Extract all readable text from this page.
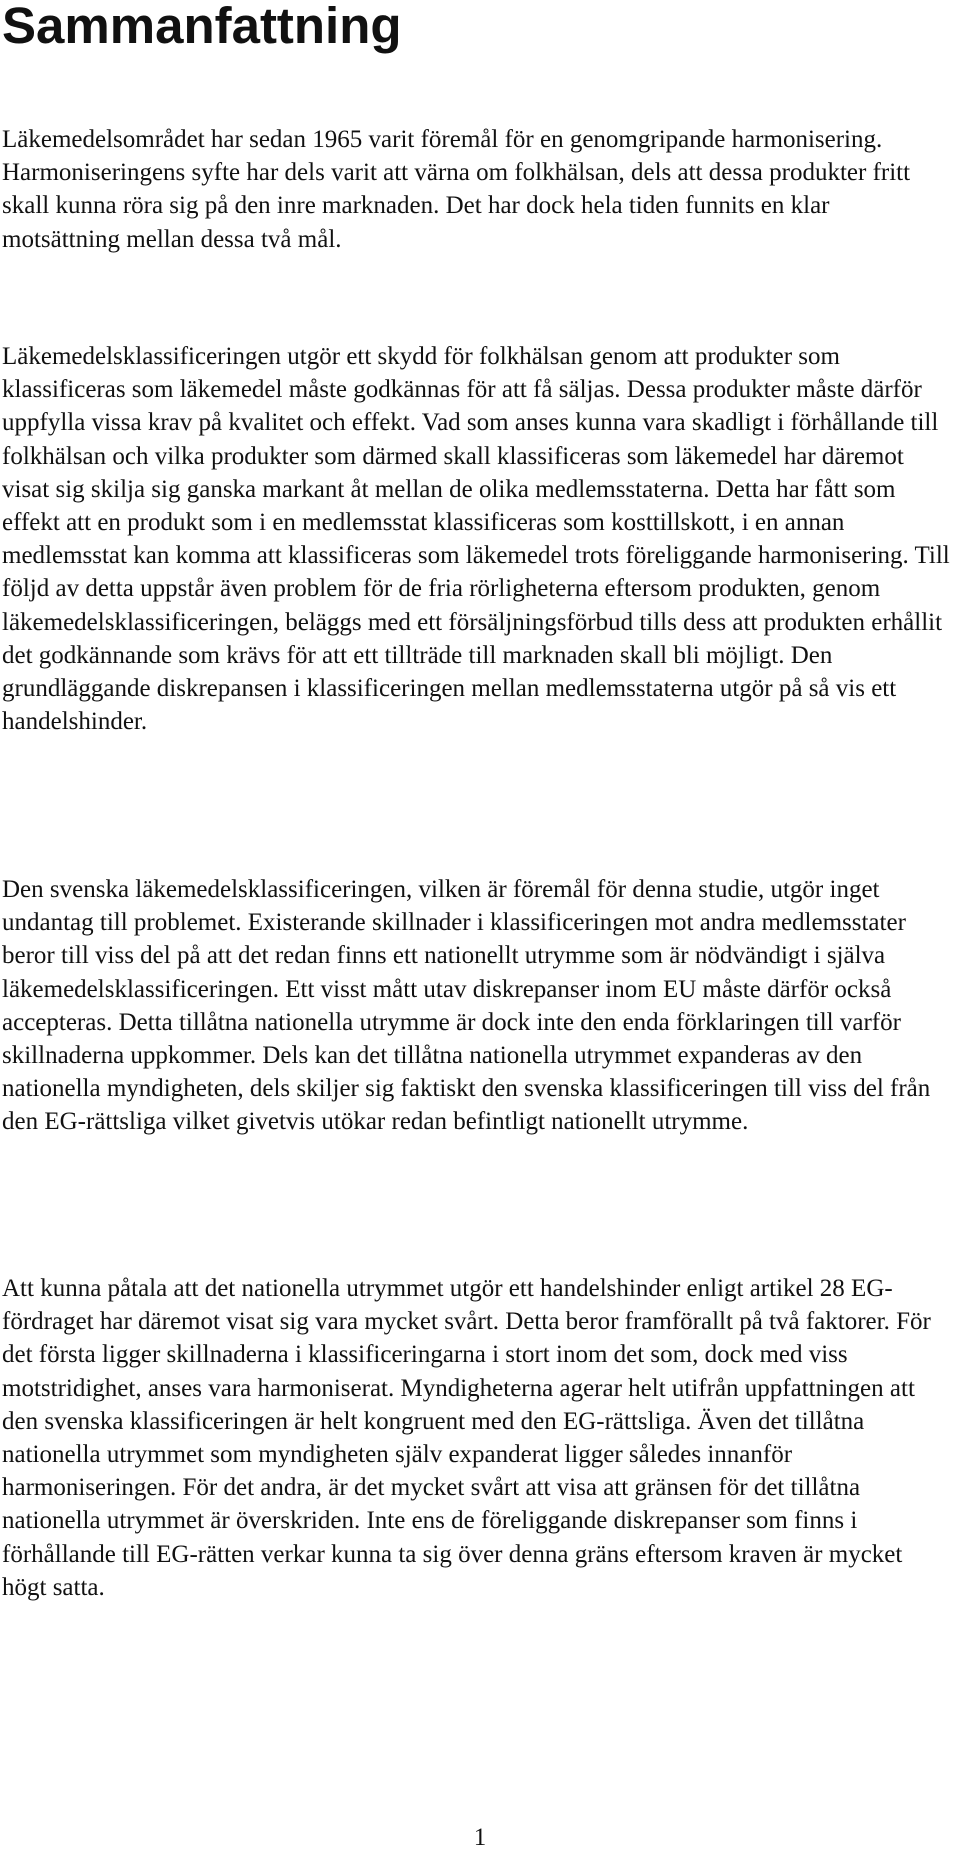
Sammanfattning

Läkemedelsområdet har sedan 1965 varit föremål för en genomgripande harmonisering. Harmoniseringens syfte har dels varit att värna om folkhälsan, dels att dessa produkter fritt skall kunna röra sig på den inre marknaden. Det har dock hela tiden funnits en klar motsättning mellan dessa två mål.

Läkemedelsklassificeringen utgör ett skydd för folkhälsan genom att produkter som klassificeras som läkemedel måste godkännas för att få säljas. Dessa produkter måste därför uppfylla vissa krav på kvalitet och effekt. Vad som anses kunna vara skadligt i förhållande till folkhälsan och vilka produkter som därmed skall klassificeras som läkemedel har däremot visat sig skilja sig ganska markant åt mellan de olika medlemsstaterna. Detta har fått som effekt att en produkt som i en medlemsstat klassificeras som kosttillskott, i en annan medlemsstat kan komma att klassificeras som läkemedel trots föreliggande harmonisering. Till följd av detta uppstår även problem för de fria rörligheterna eftersom produkten, genom läkemedelsklassificeringen, beläggs med ett försäljningsförbud tills dess att produkten erhållit det godkännande som krävs för att ett tillträde till marknaden skall bli möjligt. Den grundläggande diskrepansen i klassificeringen mellan medlemsstaterna utgör på så vis ett handelshinder.

Den svenska läkemedelsklassificeringen, vilken är föremål för denna studie, utgör inget undantag till problemet. Existerande skillnader i klassificeringen mot andra medlemsstater beror till viss del på att det redan finns ett nationellt utrymme som är nödvändigt i själva läkemedelsklassificeringen. Ett visst mått utav diskrepanser inom EU måste därför också accepteras. Detta tillåtna nationella utrymme är dock inte den enda förklaringen till varför skillnaderna uppkommer. Dels kan det tillåtna nationella utrymmet expanderas av den nationella myndigheten, dels skiljer sig faktiskt den svenska klassificeringen till viss del från den EG-rättsliga vilket givetvis utökar redan befintligt nationellt utrymme.

Att kunna påtala att det nationella utrymmet utgör ett handelshinder enligt artikel 28 EG-fördraget har däremot visat sig vara mycket svårt. Detta beror framförallt på två faktorer. För det första ligger skillnaderna i klassificeringarna i stort inom det som, dock med viss motstridighet, anses vara harmoniserat. Myndigheterna agerar helt utifrån uppfattningen att den svenska klassificeringen är helt kongruent med den EG-rättsliga. Även det tillåtna nationella utrymmet som myndigheten själv expanderat ligger således innanför harmoniseringen. För det andra, är det mycket svårt att visa att gränsen för det tillåtna nationella utrymmet är överskriden. Inte ens de föreliggande diskrepanser som finns i förhållande till EG-rätten verkar kunna ta sig över denna gräns eftersom kraven är mycket högt satta.

1
